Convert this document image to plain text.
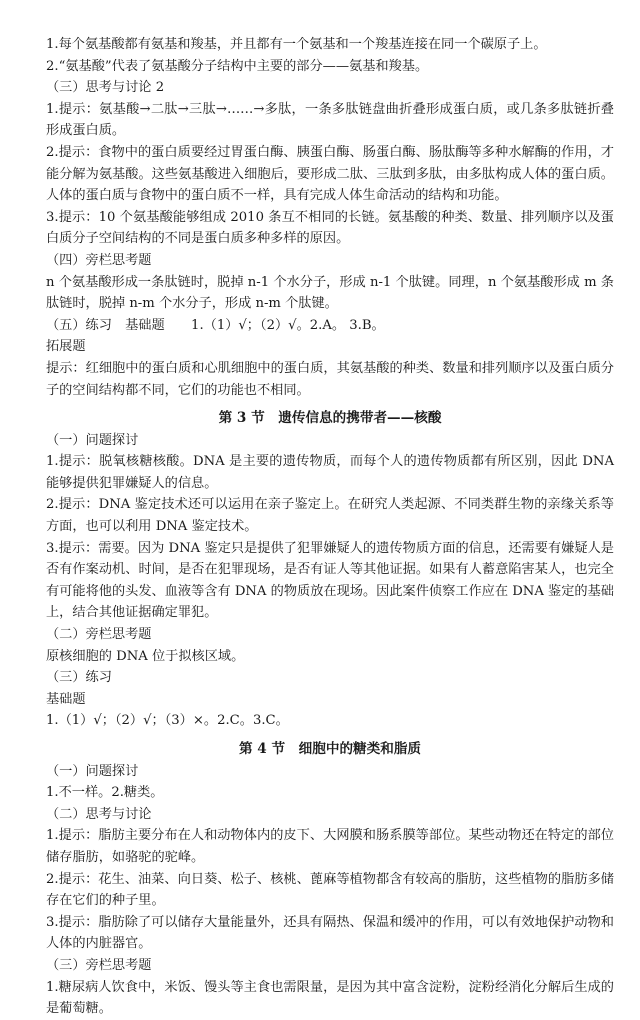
1.每个氨基酸都有氨基和羧基，并且都有一个氨基和一个羧基连接在同一个碳原子上。
2.“氨基酸”代表了氨基酸分子结构中主要的部分——氨基和羧基。
（三）思考与讨论 2
1.提示：氨基酸→二肽→三肽→……→多肽，一条多肽链盘曲折叠形成蛋白质，或几条多肽链折叠形成蛋白质。
2.提示：食物中的蛋白质要经过胃蛋白酶、胰蛋白酶、肠蛋白酶、肠肽酶等多种水解酶的作用，才能分解为氨基酸。这些氨基酸进入细胞后，要形成二肽、三肽到多肽，由多肽构成人体的蛋白质。人体的蛋白质与食物中的蛋白质不一样，具有完成人体生命活动的结构和功能。
3.提示：10 个氨基酸能够组成 2010 条互不相同的长链。氨基酸的种类、数量、排列顺序以及蛋白质分子空间结构的不同是蛋白质多种多样的原因。
（四）旁栏思考题
n 个氨基酸形成一条肽链时，脱掉 n-1 个水分子，形成 n-1 个肽键。同理，n 个氨基酸形成 m 条肽链时，脱掉 n-m 个水分子，形成 n-m 个肽键。
（五）练习　基础题　　1.（1）√；（2）√。2.A。 3.B。
拓展题
提示：红细胞中的蛋白质和心肌细胞中的蛋白质，其氨基酸的种类、数量和排列顺序以及蛋白质分子的空间结构都不同，它们的功能也不相同。
第 3 节　遗传信息的携带者——核酸
（一）问题探讨
1.提示：脱氧核糖核酸。DNA 是主要的遗传物质，而每个人的遗传物质都有所区别，因此 DNA 能够提供犯罪嫌疑人的信息。
2.提示：DNA 鉴定技术还可以运用在亲子鉴定上。在研究人类起源、不同类群生物的亲缘关系等方面，也可以利用 DNA 鉴定技术。
3.提示：需要。因为 DNA 鉴定只是提供了犯罪嫌疑人的遗传物质方面的信息，还需要有嫌疑人是否有作案动机、时间，是否在犯罪现场，是否有证人等其他证据。如果有人蓄意陷害某人，也完全有可能将他的头发、血液等含有 DNA 的物质放在现场。因此案件侦察工作应在 DNA 鉴定的基础上，结合其他证据确定罪犯。
（二）旁栏思考题
原核细胞的 DNA 位于拟核区域。
（三）练习
基础题
1.（1）√；（2）√；（3）×。2.C。3.C。
第 4 节　细胞中的糖类和脂质
（一）问题探讨
1.不一样。2.糖类。
（二）思考与讨论
1.提示：脂肪主要分布在人和动物体内的皮下、大网膜和肠系膜等部位。某些动物还在特定的部位储存脂肪，如骆驼的驼峰。
2.提示：花生、油菜、向日葵、松子、核桃、蓖麻等植物都含有较高的脂肪，这些植物的脂肪多储存在它们的种子里。
3.提示：脂肪除了可以储存大量能量外，还具有隔热、保温和缓冲的作用，可以有效地保护动物和人体的内脏器官。
（三）旁栏思考题
1.糖尿病人饮食中，米饭、馒头等主食也需限量，是因为其中富含淀粉，淀粉经消化分解后生成的是葡萄糖。
